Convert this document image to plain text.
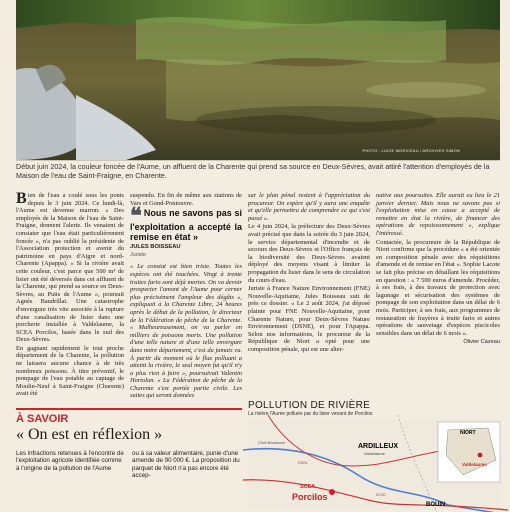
PHOTO : LUCIE MORICEAU / ARCHIVES SIMON
Début juin 2024, la couleur foncée de l'Aume, un affluent de la Charente qui prend sa source en Deux-Sèvres, avait attiré l'attention d'employés de la Maison de l'eau de Saint-Fraigne, en Charente.

Bien de l'eau a coulé sous les ponts depuis le 3 juin 2024. Ce lundi-là, l'Aume est devenue marron. « Des employés de la Maison de l'eau de Saint-Fraigne, donnent l'alerte. Ils venaient de constater que l'eau était particulièrement foncée », n'a pas oublié la présidente de l'Association protection et avenir du patrimoine en pays d'Aigre et nord-Charente (Apappa). « Si la rivière avait cette couleur, c'est parce que 500 m³ de lisier ont été déversés dans cet affluent de la Charente, qui prend sa source en Deux-Sèvres, au Puits de l'Aume », poursuit Agnès Baudrillat. Une catastrophe d'envergure très vite associée à la rupture d'une canalisation de lisier dans une porcherie installée à Valdelaume, la SCEA Porcilos, basée dans le sud des Deux-Sèvres.

En gagnant rapidement le tout proche département de la Charente, la pollution ne laissera aucune chance à de très nombreux poissons. À titre préventif, le pompage de l'eau potable au captage de Moulin-Neuf à Saint-Fraigne (Charente) avait été

suspendu. En fin de même aux stations de Vars et Gond-Pontouvre.

❝ Nous ne savons pas si l'exploitation a accepté la remise en état »
JULES BOISSEAU
Juriste

« Le constat est bien triste. Toutes les espèces ont été touchées. Vingt à trente truites fario sont déjà mortes. On va devoir prospecter l'amont de l'Aume pour cerner plus précisément l'ampleur des dégâts », expliquait à la Charente Libre, 24 heures après le début de la pollution, le directeur de la Fédération de pêche de la Charente. « Malheureusement, on va parler en milliers de poissons morts. Une pollution d'une telle nature et d'une telle envergure dans notre département, c'est du jamais vu. À partir du moment où le flux polluant a atteint la rivière, le seul moyen fut qu'il n'y a plus rien à faire », poursuivait Valentin Hortolan. « La Fédération de pêche de la Charente s'est portée partie civile. Les suites qui seront données

sur le plan pénal restent à l'appréciation du procureur. On espère qu'il y aura une enquête et qu'elle permettra de comprendre ce qui s'est passé ».

Le 4 juin 2024, la préfecture des Deux-Sèvres avait précisé que dans la soirée du 3 juin 2024, le service départemental d'incendie et de secours des Deux-Sèvres et l'Office français de la biodiversité des Deux-Sèvres avaient déployé des moyens visant à limiter la propagation du lisier dans le sens de circulation du cours d'eau.

Juriste à France Nature Environnement (FNE) Nouvelle-Aquitaine, Jules Boisseau suit de près ce dossier. « Le 2 août 2024, j'ai déposé plainte pour FNE Nouvelle-Aquitaine, pour Charente Nature, pour Deux-Sèvres Nature Environnement (DSNE), et pour l'Apappa. Selon nos informations, le procureur de la République de Niort a opté pour une composition pénale, qui est une alter-

native aux poursuites. Elle aurait eu lieu le 21 janvier dernier. Mais nous ne savons pas si l'exploitation mise en cause a accepté de remettre en état la rivière, de financer des opérations de repoissonnement », explique l'intéressé.

Contactée, la procureure de la République de Niort confirme que la procédure « a été orientée en composition pénale avec des réquisitions d'amende et de remise en l'état ». Sophie Lacote se fait plus précise en détaillant les réquisitions en question : « 7 500 euros d'amende. Procéder, à ses frais, à des travaux de protection avec lagunage et sécurisation des systèmes de pompage de son exploitation dans un délai de 6 mois. Participer, à ses frais, aux programmes de restauration de frayères à truite fario et autres opérations de sauvetage d'espèces piscicoles sensibles dans un délai de 6 mois ».

Olivier Cazeau
À SAVOIR
« On est en réflexion »
Les infractions retenues à l'encontre de l'exploitation agricole identifiée comme à l'origine de la pollution de l'Aume
ou à sa valeur alimentaire, punie d'une amende de 90 000 €. La proposition du parquet de Niort n'a pas encore été accep-
POLLUTION DE RIVIÈRE
La rivière l'Aume polluée par du lisier venant de Porcilos
ARDILLEUX
Valdelaume
NIORT
Valdelaume
SCEA
Porcilos
BOUIN
D301
D740
Chef-Boutonne
